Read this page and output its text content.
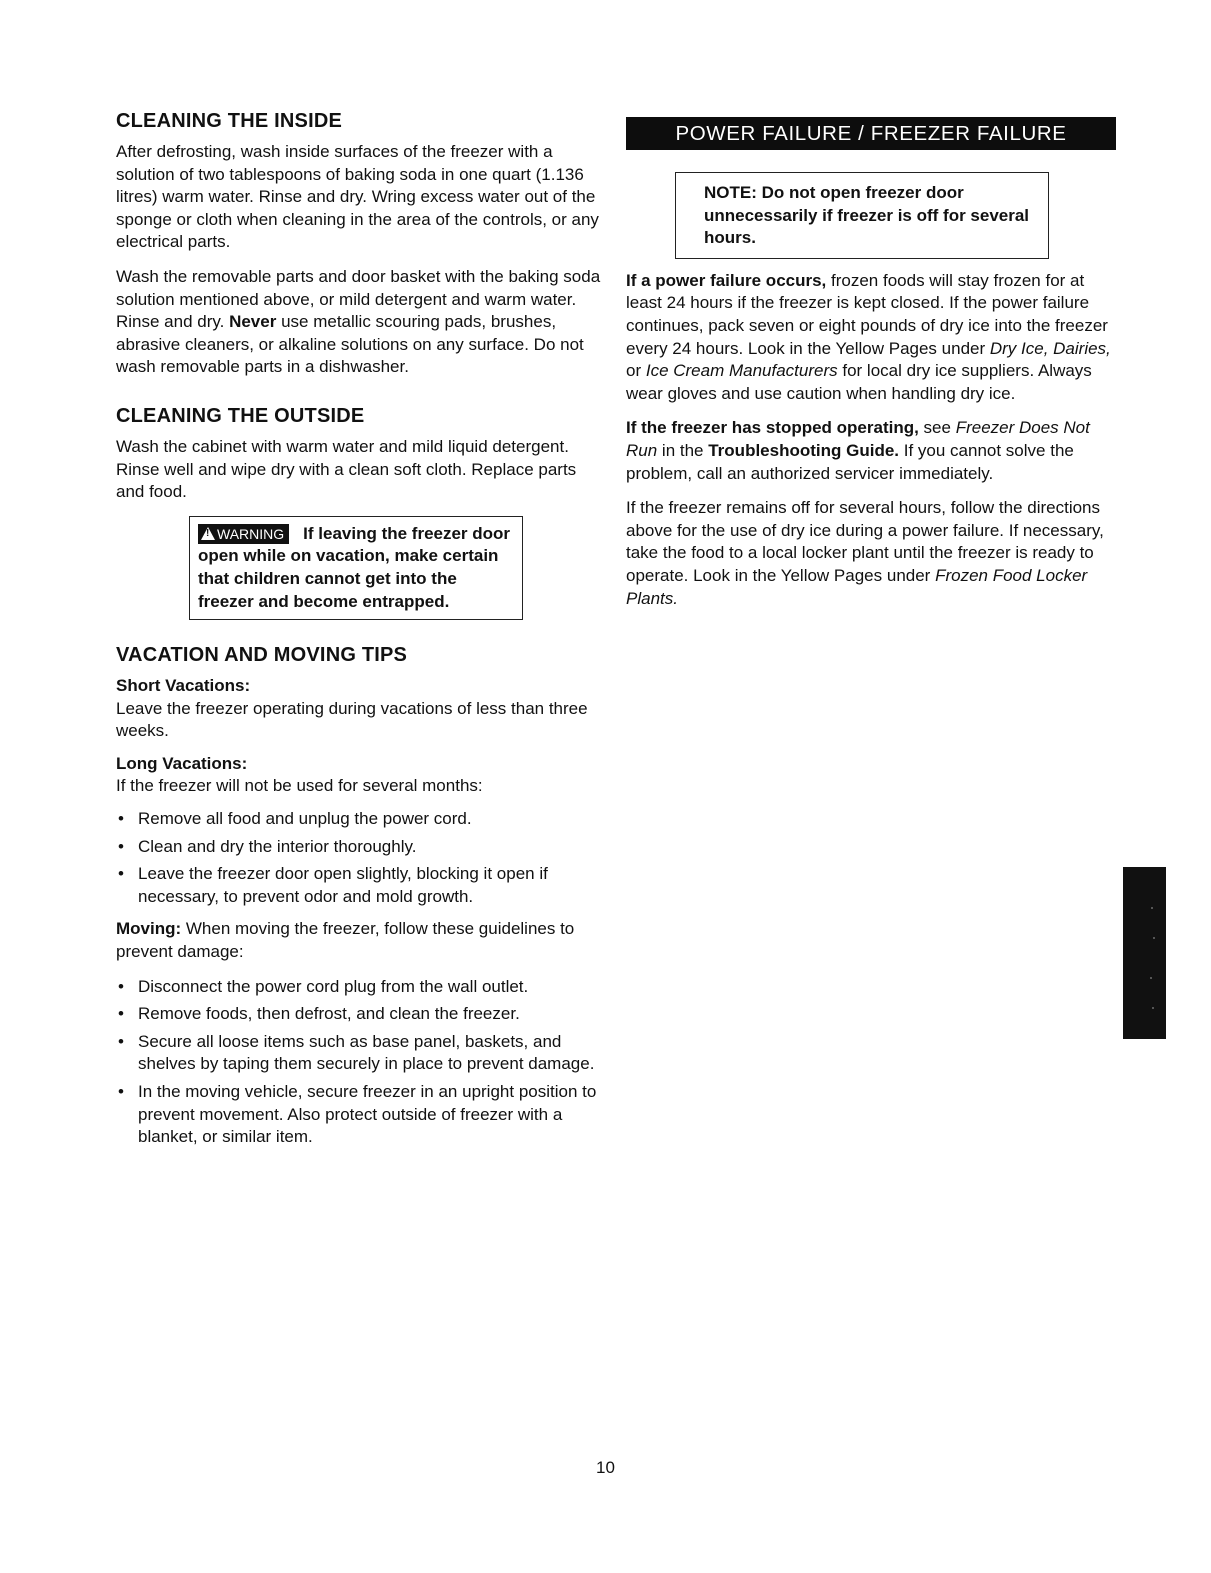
CLEANING THE INSIDE

After defrosting, wash inside surfaces of the freezer with a solution of two tablespoons of baking soda in one quart (1.136 litres) warm water. Rinse and dry. Wring excess water out of the sponge or cloth when cleaning in the area of the controls, or any electrical parts.

Wash the removable parts and door basket with the baking soda solution mentioned above, or mild detergent and warm water. Rinse and dry. Never use metallic scouring pads, brushes, abrasive cleaners, or alkaline solutions on any surface. Do not wash removable parts in a dishwasher.

CLEANING THE OUTSIDE

Wash the cabinet with warm water and mild liquid detergent. Rinse well and wipe dry with a clean soft cloth. Replace parts and food.

! WARNING If leaving the freezer door open while on vacation, make certain that children cannot get into the freezer and become entrapped.
VACATION AND MOVING TIPS
Short Vacations:

Leave the freezer operating during vacations of less than three weeks.

Long Vacations:

If the freezer will not be used for several months:

• Remove all food and unplug the power cord.
• Clean and dry the interior thoroughly.
• Leave the freezer door open slightly, blocking it open if necessary, to prevent odor and mold growth.

Moving: When moving the freezer, follow these guidelines to prevent damage:

• Disconnect the power cord plug from the wall outlet.
• Remove foods, then defrost, and clean the freezer.
• Secure all loose items such as base panel, baskets, and shelves by taping them securely in place to prevent damage.
• In the moving vehicle, secure freezer in an upright position to prevent movement. Also protect outside of freezer with a blanket, or similar item.
POWER FAILURE / FREEZER FAILURE
NOTE: Do not open freezer door unnecessarily if freezer is off for several hours.

If a power failure occurs, frozen foods will stay frozen for at least 24 hours if the freezer is kept closed. If the power failure continues, pack seven or eight pounds of dry ice into the freezer every 24 hours. Look in the Yellow Pages under Dry Ice, Dairies, or Ice Cream Manufacturers for local dry ice suppliers. Always wear gloves and use caution when handling dry ice.

If the freezer has stopped operating, see Freezer Does Not Run in the Troubleshooting Guide. If you cannot solve the problem, call an authorized servicer immediately.

If the freezer remains off for several hours, follow the directions above for the use of dry ice during a power failure. If necessary, take the food to a local locker plant until the freezer is ready to operate. Look in the Yellow Pages under Frozen Food Locker Plants.

10
